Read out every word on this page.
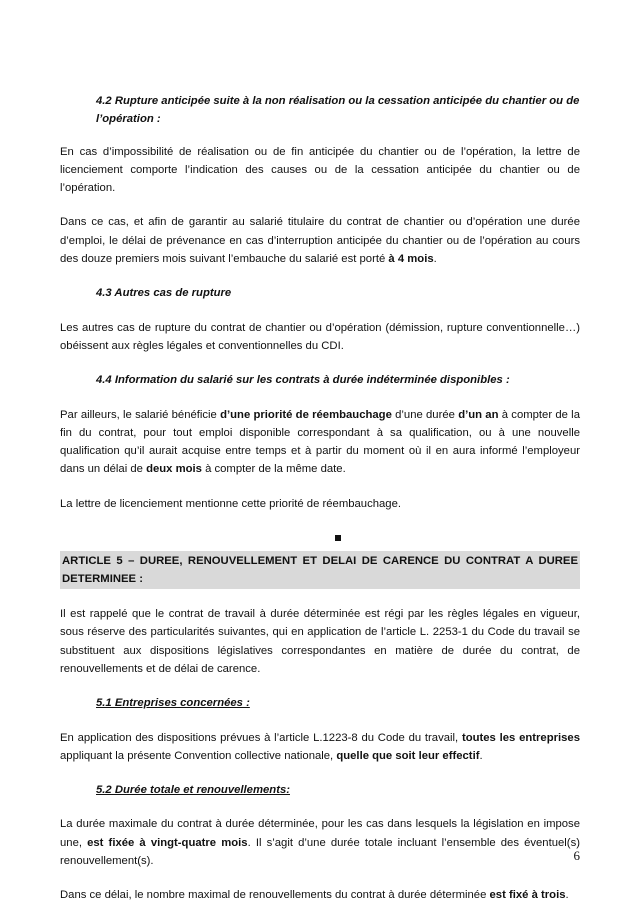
4.2 Rupture anticipée suite à la non réalisation ou la cessation anticipée du chantier ou de l’opération :

En cas d’impossibilité de réalisation ou de fin anticipée du chantier ou de l’opération, la lettre de licenciement comporte l’indication des causes ou de la cessation anticipée du chantier ou de l’opération.

Dans ce cas, et afin de garantir au salarié titulaire du contrat de chantier ou d’opération une durée d’emploi, le délai de prévenance en cas d’interruption anticipée du chantier ou de l’opération au cours des douze premiers mois suivant l’embauche du salarié est porté à 4 mois.

4.3 Autres cas de rupture

Les autres cas de rupture du contrat de chantier ou d’opération (démission, rupture conventionnelle…) obéissent aux règles légales et conventionnelles du CDI.

4.4 Information du salarié sur les contrats à durée indéterminée disponibles :

Par ailleurs, le salarié bénéficie d’une priorité de réembauchage d’une durée d’un an à compter de la fin du contrat, pour tout emploi disponible correspondant à sa qualification, ou à une nouvelle qualification qu’il aurait acquise entre temps et à partir du moment où il en aura informé l’employeur dans un délai de deux mois à compter de la même date.

La lettre de licenciement mentionne cette priorité de réembauchage.

ARTICLE 5 – DUREE, RENOUVELLEMENT ET DELAI DE CARENCE DU CONTRAT A DUREE DETERMINEE :

Il est rappelé que le contrat de travail à durée déterminée est régi par les règles légales en vigueur, sous réserve des particularités suivantes, qui en application de l’article L. 2253-1 du Code du travail se substituent aux dispositions législatives correspondantes en matière de durée du contrat, de renouvellements et de délai de carence.

5.1 Entreprises concernées :

En application des dispositions prévues à l’article L.1223-8 du Code du travail, toutes les entreprises appliquant la présente Convention collective nationale, quelle que soit leur effectif.

5.2 Durée totale et renouvellements:

La durée maximale du contrat à durée déterminée, pour les cas dans lesquels la législation en impose une, est fixée à vingt-quatre mois. Il s’agit d’une durée totale incluant l’ensemble des éventuel(s) renouvellement(s).

Dans ce délai, le nombre maximal de renouvellements du contrat à durée déterminée est fixé à trois.

6
